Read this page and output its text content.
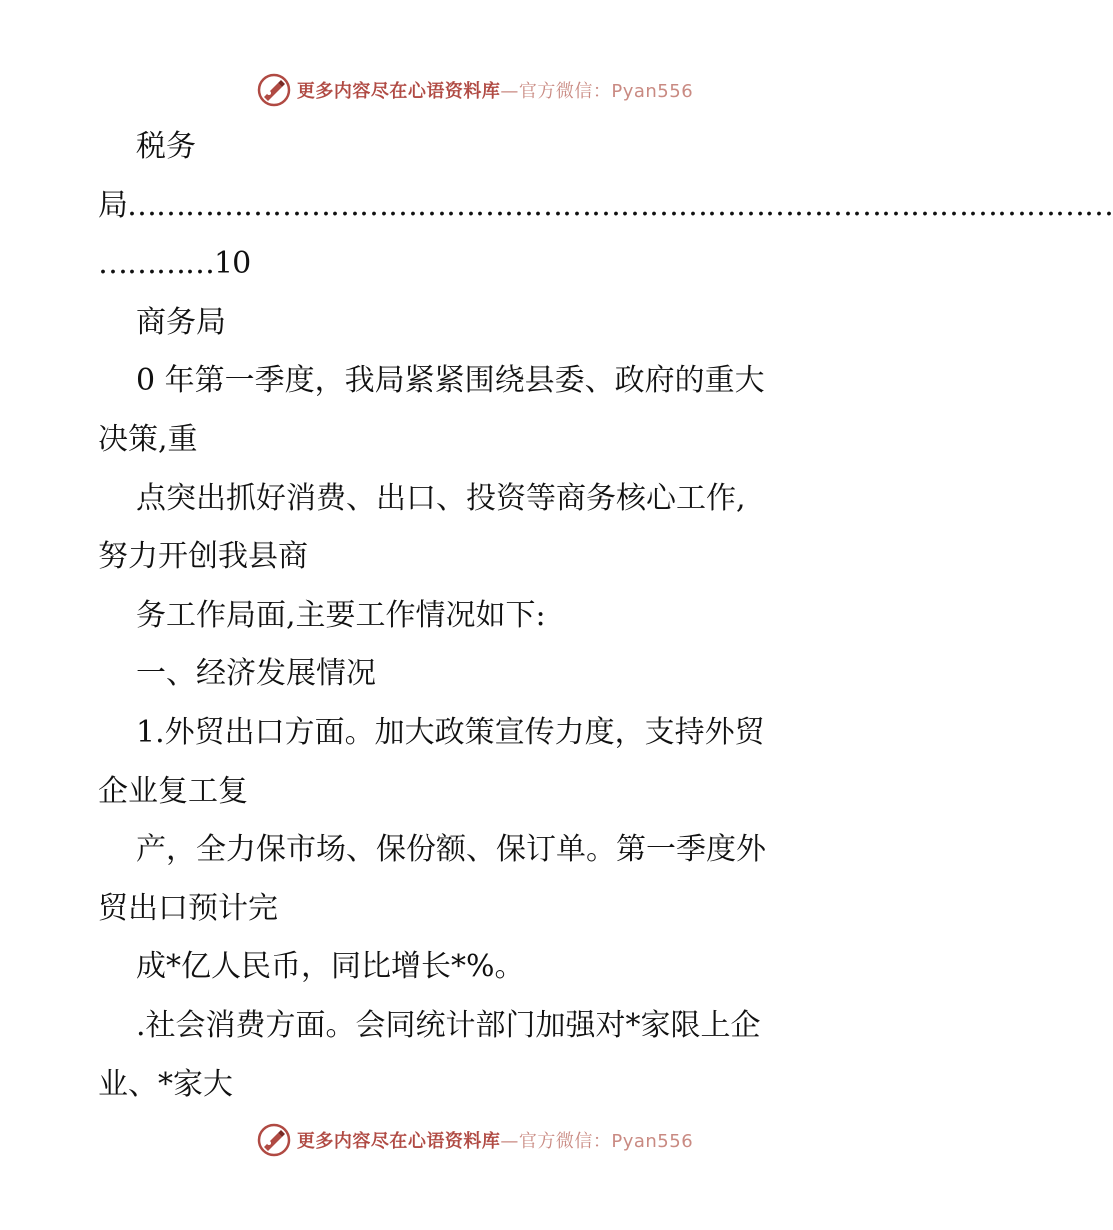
更多内容尽在心语资料库—官方微信：Pyan556
税务
局…………………………………………………………………………………………
…………10
商务局
0 年第一季度，我局紧紧围绕县委、政府的重大
决策,重
点突出抓好消费、出口、投资等商务核心工作,
努力开创我县商
务工作局面,主要工作情况如下:
一、经济发展情况
1.外贸出口方面。加大政策宣传力度，支持外贸
企业复工复
产，全力保市场、保份额、保订单。第一季度外
贸出口预计完
成*亿人民币，同比增长*%。
.社会消费方面。会同统计部门加强对*家限上企
业、*家大
更多内容尽在心语资料库—官方微信：Pyan556
